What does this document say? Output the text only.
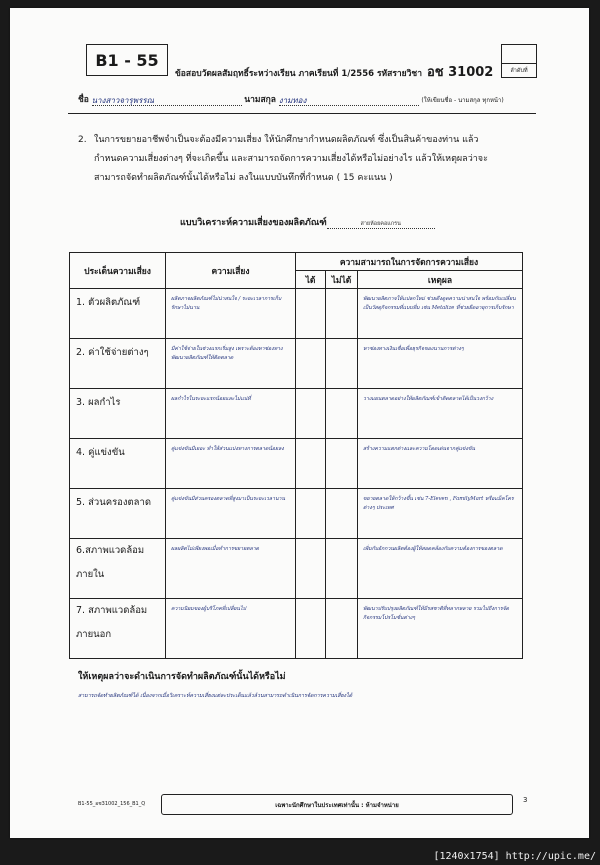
B1 - 55
ลำดับที่
ข้อสอบวัดผลสัมฤทธิ์ระหว่างเรียน ภาคเรียนที่ 1/2556 รหัสรายวิชา อช 31002
ชื่อ นางสาวจารุพรรณ	นามสกุล งามทอง	(ให้เขียนชื่อ - นามสกุล ทุกหน้า)
2. ในการขยายอาชีพจำเป็นจะต้องมีความเสี่ยง ให้นักศึกษากำหนดผลิตภัณฑ์ ซึ่งเป็นสินค้าของท่าน แล้ว
กำหนดความเสี่ยงต่างๆ ที่จะเกิดขึ้น และสามารถจัดการความเสี่ยงได้หรือไม่อย่างไร แล้วให้เหตุผลว่าจะ
สามารถจัดทำผลิตภัณฑ์นั้นได้หรือไม่ ลงในแบบบันทึกที่กำหนด ( 15 คะแนน )
แบบวิเคราะห์ความเสี่ยงของผลิตภัณฑ์	สายห้อยคอแกรน
ประเด็นความเสี่ยง	ความเสี่ยง	ความสามารถในการจัดการความเสี่ยง		
		ได้	ไม่ได้	เหตุผล
1. ตัวผลิตภัณฑ์	ผลิตภาจผลิตภัณฑ์ไม่น่าสนใจ / ระยะเวลาการเก็บรักษาไม่นาน			พัฒนาผลิตภาจให้แปลกใหม่ ช่วยดึงดูดความน่าสนใจ พร้อมกับเปลี่ยนเป็นวัสดุกิจกรรมที่แบบที่ม เช่น Metalize ที่ช่วยยืดอายุการเก็บรักษา
2. ค่าใช้จ่ายต่างๆ	มีค่าใช้จ่ายในช่วงแรกเริ่มสูง เพราะต้องหาช่องทางพัฒนาผลิตภัณฑ์ให้ติดตลาด			หาช่องทางเงินเชื่อเพื่อธุรกิจของนานการต่างๆ
3. ผลกำไร	ผลกำไรในระยะแรกน้อยและไม่แน่ที่			วางแผนตลาดอย่างให้ผลิตภัณฑ์เข้าติดตลาดได้เป็นวงกว้าง
4. คู่แข่งขัน	คู่แข่งขันมีเยอะ ทำให้ส่วนแบ่งทางการตลาดน้อยลง			สร้างความแตกต่างและความโดดเด่นจากคู่แข่งขัน
5. ส่วนครองตลาด	คู่แข่งขันมีส่วนครองตลาดที่สูงมาเป็นระยะเวลานาน			ขยายตลาดให้กว้างขึ้น เช่น 7-Eleven , FamilyMart หรือแม็คโครต่างๆ ประเทศ
6.สภาพแวดล้อมภายใน	ผลผลิตไม่เพียงพอเมื่อทำการขยายตลาด			เพิ่มกับอักกวนผลิตต้องผู้ให้สอดคล้องกับความต้องการของตลาด
7. สภาพแวดล้อมภายนอก	ความนิยมของผู้บริโภคที่เปลี่ยนไป			พัฒนาปรับปรุงผลิตภัณฑ์ให้มีรสชาติที่หลากหลาย รวมไปถึงการจัดกิจกรรมโปรโมชั่นต่างๆ
ให้เหตุผลว่าจะดำเนินการจัดทำผลิตภัณฑ์นั้นได้หรือไม่
สามารถจัดทำผลิตภัณฑ์ได้ เนื่องจากเมื่อวิเคราะห์ความเสี่ยงแต่ละประเด็นแล้วล้วนสามารถดำเนินการจัดการความเสี่ยงได้
B1-55_อช31002_156_B1_Q	เฉพาะนักศึกษาในประเทศเท่านั้น : ห้ามจำหน่าย
3
[1240x1754] http://upic.me/
